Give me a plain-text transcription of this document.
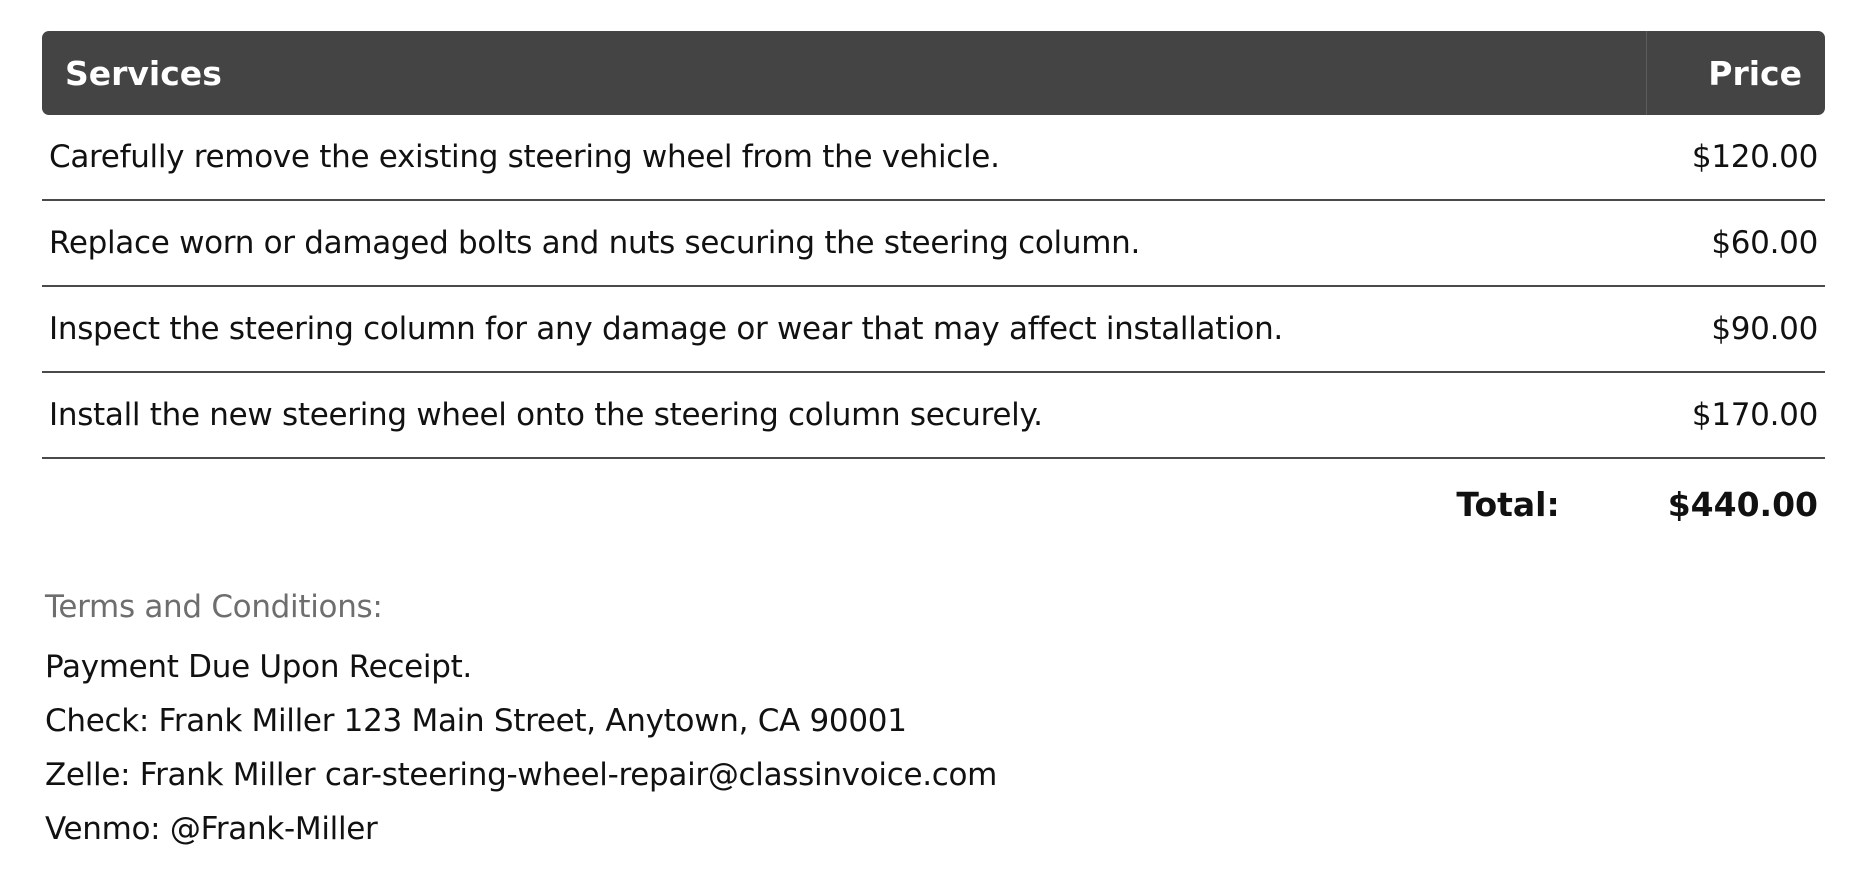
Services	Price
Carefully remove the existing steering wheel from the vehicle.	$120.00
Replace worn or damaged bolts and nuts securing the steering column.	$60.00
Inspect the steering column for any damage or wear that may affect installation.	$90.00
Install the new steering wheel onto the steering column securely.	$170.00
Total:	$440.00
Terms and Conditions:
Payment Due Upon Receipt.
Check: Frank Miller 123 Main Street, Anytown, CA 90001
Zelle: Frank Miller car-steering-wheel-repair@classinvoice.com
Venmo: @Frank-Miller
